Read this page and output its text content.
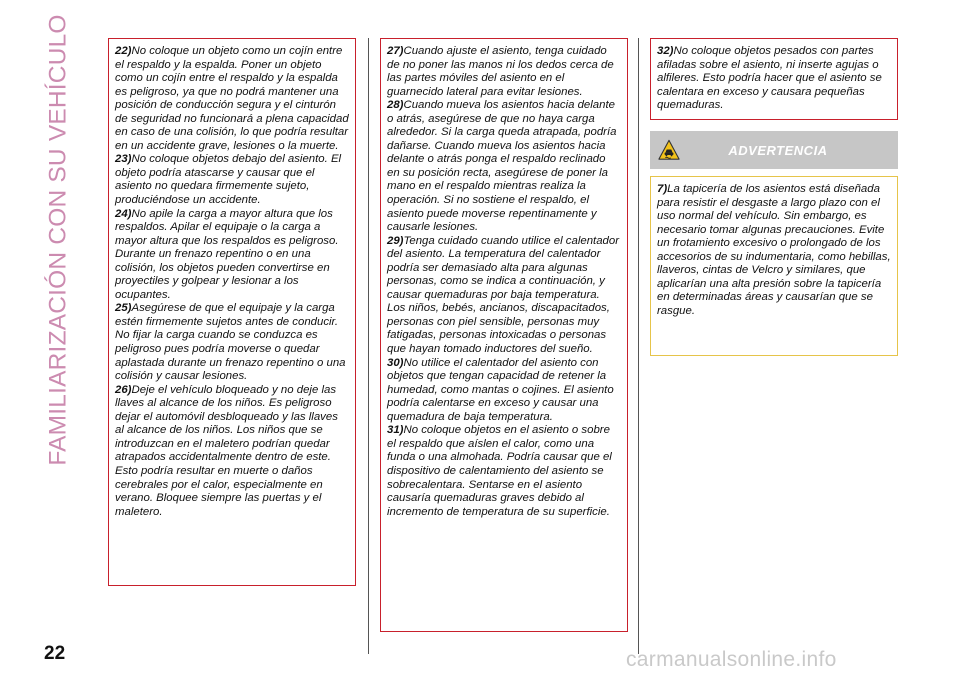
FAMILIARIZACIÓN CON SU VEHÍCULO	22)No coloque un objeto como un cojín entre el respaldo y la espalda. Poner un objeto como un cojín entre el respaldo y la espalda es peligroso, ya que no podrá mantener una posición de conducción segura y el cinturón de seguridad no funcionará a plena capacidad en caso de una colisión, lo que podría resultar en un accidente grave, lesiones o la muerte.

23)No coloque objetos debajo del asiento. El objeto podría atascarse y causar que el asiento no quedara firmemente sujeto, produciéndose un accidente.

24)No apile la carga a mayor altura que los respaldos. Apilar el equipaje o la carga a mayor altura que los respaldos es peligroso. Durante un frenazo repentino o en una colisión, los objetos pueden convertirse en proyectiles y golpear y lesionar a los ocupantes.

25)Asegúrese de que el equipaje y la carga estén firmemente sujetos antes de conducir. No fijar la carga cuando se conduzca es peligroso pues podría moverse o quedar aplastada durante un frenazo repentino o una colisión y causar lesiones.

26)Deje el vehículo bloqueado y no deje las llaves al alcance de los niños. Es peligroso dejar el automóvil desbloqueado y las llaves al alcance de los niños. Los niños que se introduzcan en el maletero podrían quedar atrapados accidentalmente dentro de este. Esto podría resultar en muerte o daños cerebrales por el calor, especialmente en verano. Bloquee siempre las puertas y el maletero.

27)Cuando ajuste el asiento, tenga cuidado de no poner las manos ni los dedos cerca de las partes móviles del asiento en el guarnecido lateral para evitar lesiones.

28)Cuando mueva los asientos hacia delante o atrás, asegúrese de que no haya carga alrededor. Si la carga queda atrapada, podría dañarse. Cuando mueva los asientos hacia delante o atrás ponga el respaldo reclinado en su posición recta, asegúrese de poner la mano en el respaldo mientras realiza la operación. Si no sostiene el respaldo, el asiento puede moverse repentinamente y causarle lesiones.

29)Tenga cuidado cuando utilice el calentador del asiento. La temperatura del calentador podría ser demasiado alta para algunas personas, como se indica a continuación, y causar quemaduras por baja temperatura. Los niños, bebés, ancianos, discapacitados, personas con piel sensible, personas muy fatigadas, personas intoxicadas o personas que hayan tomado inductores del sueño.

30)No utilice el calentador del asiento con objetos que tengan capacidad de retener la humedad, como mantas o cojines. El asiento podría calentarse en exceso y causar una quemadura de baja temperatura.

31)No coloque objetos en el asiento o sobre el respaldo que aíslen el calor, como una funda o una almohada. Podría causar que el dispositivo de calentamiento del asiento se sobrecalentara. Sentarse en el asiento causaría quemaduras graves debido al incremento de temperatura de su superficie.

32)No coloque objetos pesados con partes afiladas sobre el asiento, ni inserte agujas o alfileres. Esto podría hacer que el asiento se calentara en exceso y causara pequeñas quemaduras.

ADVERTENCIA

7)La tapicería de los asientos está diseñada para resistir el desgaste a largo plazo con el uso normal del vehículo. Sin embargo, es necesario tomar algunas precauciones. Evite un frotamiento excesivo o prolongado de los accesorios de su indumentaria, como hebillas, llaveros, cintas de Velcro y similares, que aplicarían una alta presión sobre la tapicería en determinadas áreas y causarían que se rasgue.

22	carmanualsonline.info
